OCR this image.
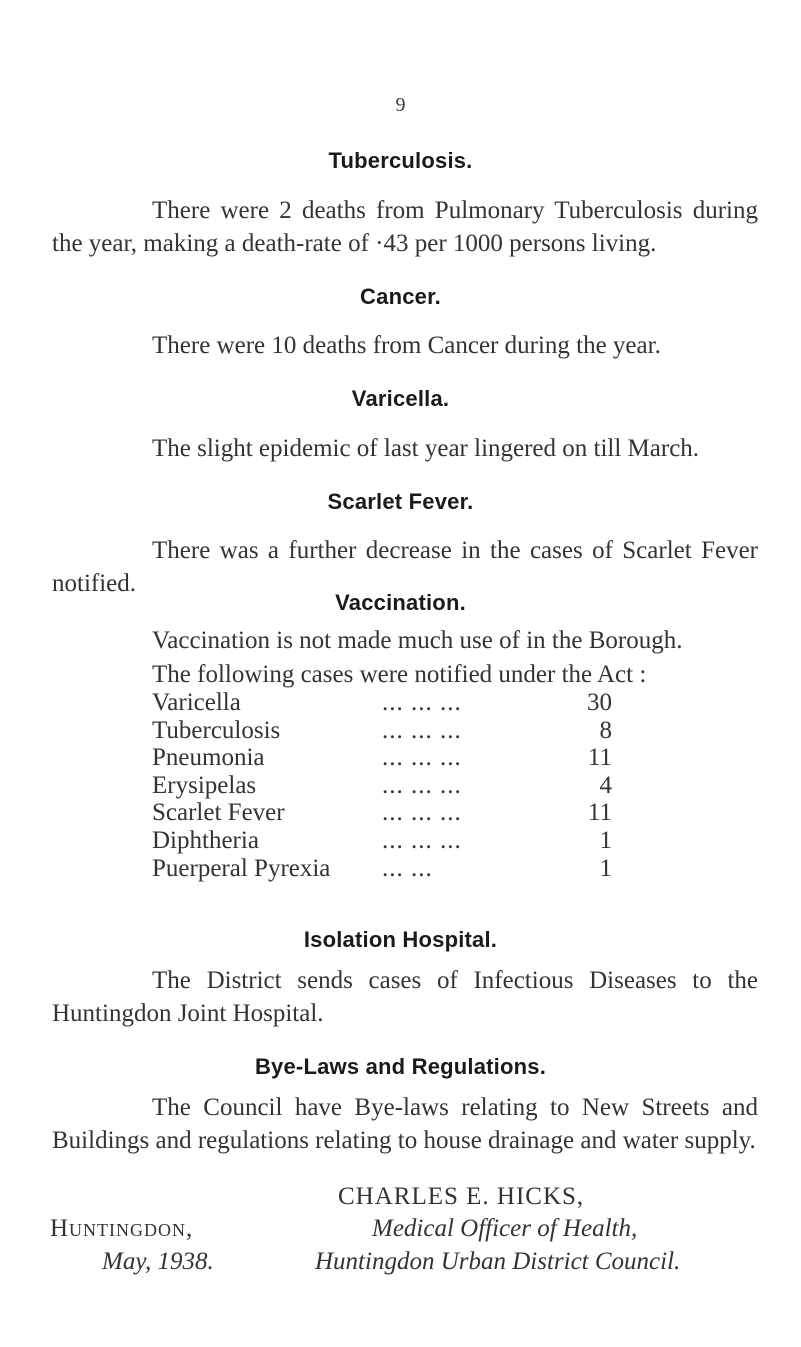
9
Tuberculosis.

There were 2 deaths from Pulmonary Tuberculosis during the year, making a death-rate of ·43 per 1000 persons living.

Cancer.

There were 10 deaths from Cancer during the year.

Varicella.

The slight epidemic of last year lingered on till March.

Scarlet Fever.

There was a further decrease in the cases of Scarlet Fever notified.

Vaccination.

Vaccination is not made much use of in the Borough.

The following cases were notified under the Act :

Varicella	... ... ...	30
Tuberculosis	... ... ...	8
Pneumonia	... ... ...	11
Erysipelas	... ... ...	4
Scarlet Fever	... ... ...	11
Diphtheria	... ... ...	1
Puerperal Pyrexia	... ...	1
Isolation Hospital.

The District sends cases of Infectious Diseases to the Huntingdon Joint Hospital.

Bye-Laws and Regulations.

The Council have Bye-laws relating to New Streets and Buildings and regulations relating to house drainage and water supply.

Huntingdon,
May, 1938.
CHARLES E. HICKS,
Medical Officer of Health,
Huntingdon Urban District Council.
